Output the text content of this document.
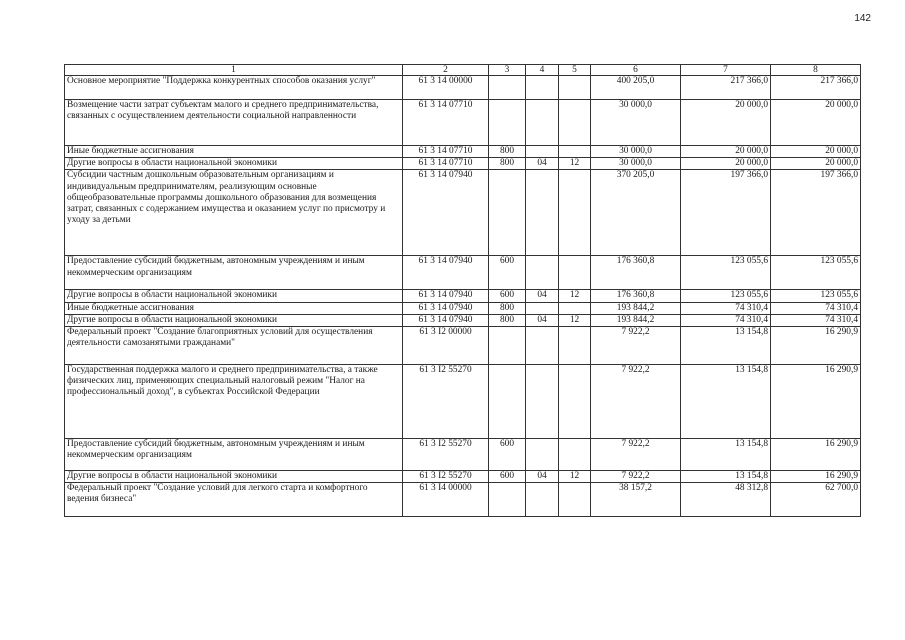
142
1	2	3	4	5	6	7	8
Основное мероприятие "Поддержка конкурентных способов оказания услуг"	61 3 14 00000				400 205,0	217 366,0	217 366,0
Возмещение части затрат субъектам малого и среднего предпринимательства, связанных с осуществлением деятельности социальной направленности	61 3 14 07710				30 000,0	20 000,0	20 000,0
Иные бюджетные ассигнования	61 3 14 07710	800			30 000,0	20 000,0	20 000,0
Другие вопросы в области национальной экономики	61 3 14 07710	800	04	12	30 000,0	20 000,0	20 000,0
Субсидии частным дошкольным образовательным организациям и индивидуальным предпринимателям, реализующим основные общеобразовательные программы дошкольного образования для возмещения затрат, связанных с содержанием имущества и оказанием услуг по присмотру и уходу за детьми	61 3 14 07940				370 205,0	197 366,0	197 366,0
Предоставление субсидий бюджетным, автономным учреждениям и иным некоммерческим организациям	61 3 14 07940	600			176 360,8	123 055,6	123 055,6
Другие вопросы в области национальной экономики	61 3 14 07940	600	04	12	176 360,8	123 055,6	123 055,6
Иные бюджетные ассигнования	61 3 14 07940	800			193 844,2	74 310,4	74 310,4
Другие вопросы в области национальной экономики	61 3 14 07940	800	04	12	193 844,2	74 310,4	74 310,4
Федеральный проект "Создание благоприятных условий для осуществления деятельности самозанятыми гражданами"	61 3 I2 00000				7 922,2	13 154,8	16 290,9
Государственная поддержка малого и среднего предпринимательства, а также физических лиц, применяющих специальный налоговый режим "Налог на профессиональный доход", в субъектах Российской Федерации	61 3 I2 55270				7 922,2	13 154,8	16 290,9
Предоставление субсидий бюджетным, автономным учреждениям и иным некоммерческим организациям	61 3 I2 55270	600			7 922,2	13 154,8	16 290,9
Другие вопросы в области национальной экономики	61 3 I2 55270	600	04	12	7 922,2	13 154,8	16 290,9
Федеральный проект "Создание условий для легкого старта и комфортного ведения бизнеса"	61 3 I4 00000				38 157,2	48 312,8	62 700,0
